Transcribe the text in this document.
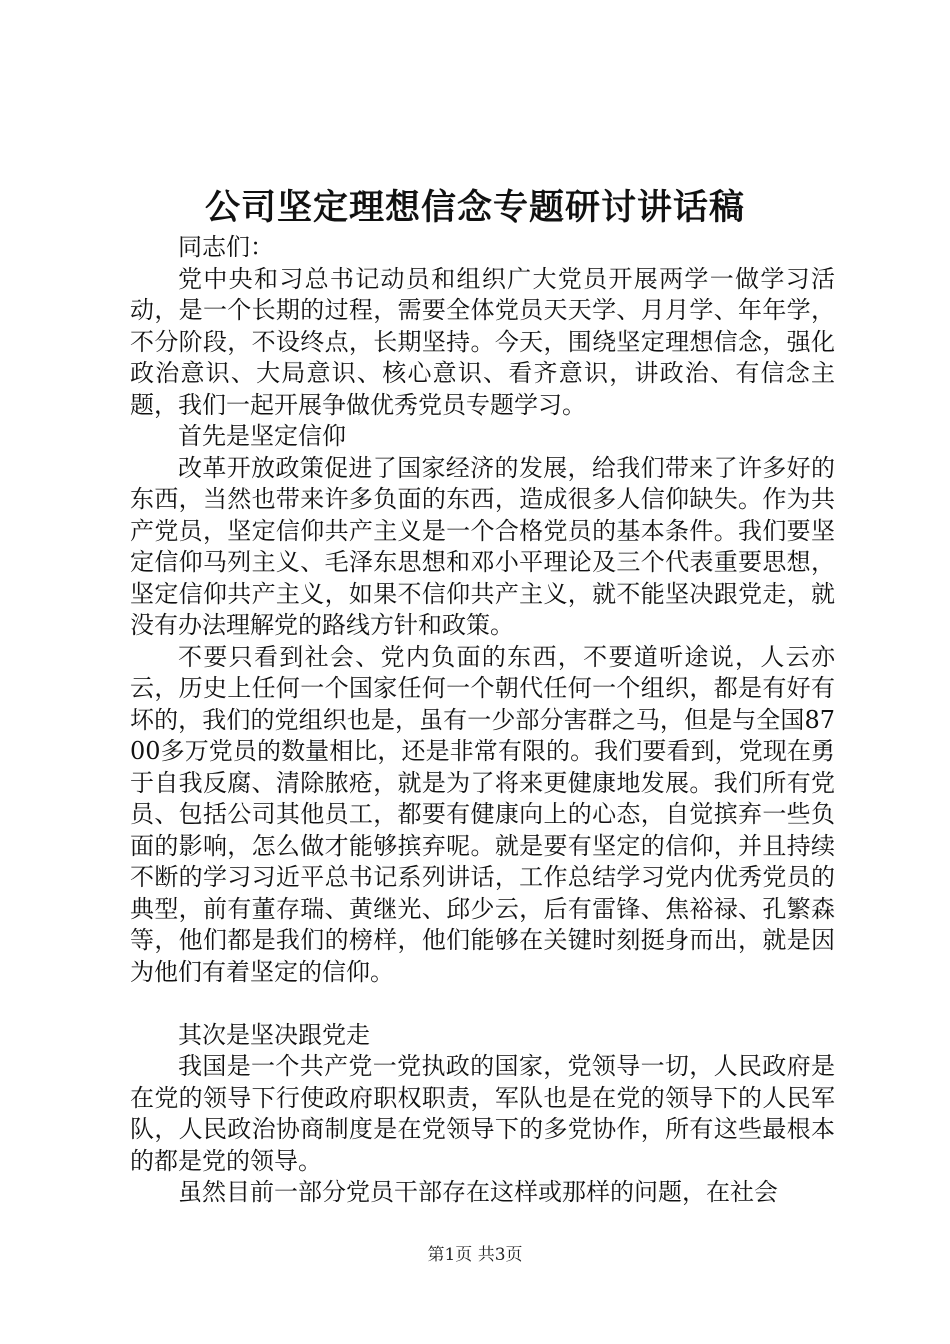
公司坚定理想信念专题研讨讲话稿

同志们：

党中央和习总书记动员和组织广大党员开展两学一做学习活动，是一个长期的过程，需要全体党员天天学、月月学、年年学，不分阶段，不设终点，长期坚持。今天，围绕坚定理想信念，强化政治意识、大局意识、核心意识、看齐意识，讲政治、有信念主题，我们一起开展争做优秀党员专题学习。

首先是坚定信仰

改革开放政策促进了国家经济的发展，给我们带来了许多好的东西，当然也带来许多负面的东西，造成很多人信仰缺失。作为共产党员，坚定信仰共产主义是一个合格党员的基本条件。我们要坚定信仰马列主义、毛泽东思想和邓小平理论及三个代表重要思想，坚定信仰共产主义，如果不信仰共产主义，就不能坚决跟党走，就没有办法理解党的路线方针和政策。

不要只看到社会、党内负面的东西，不要道听途说，人云亦云，历史上任何一个国家任何一个朝代任何一个组织，都是有好有坏的，我们的党组织也是，虽有一少部分害群之马，但是与全国8700多万党员的数量相比，还是非常有限的。我们要看到，党现在勇于自我反腐、清除脓疮，就是为了将来更健康地发展。我们所有党员、包括公司其他员工，都要有健康向上的心态，自觉摈弃一些负面的影响，怎么做才能够摈弃呢。就是要有坚定的信仰，并且持续不断的学习习近平总书记系列讲话，工作总结学习党内优秀党员的典型，前有董存瑞、黄继光、邱少云，后有雷锋、焦裕禄、孔繁森等，他们都是我们的榜样，他们能够在关键时刻挺身而出，就是因为他们有着坚定的信仰。

其次是坚决跟党走

我国是一个共产党一党执政的国家，党领导一切，人民政府是在党的领导下行使政府职权职责，军队也是在党的领导下的人民军队，人民政治协商制度是在党领导下的多党协作，所有这些最根本的都是党的领导。

虽然目前一部分党员干部存在这样或那样的问题，在社会

第1页 共3页
